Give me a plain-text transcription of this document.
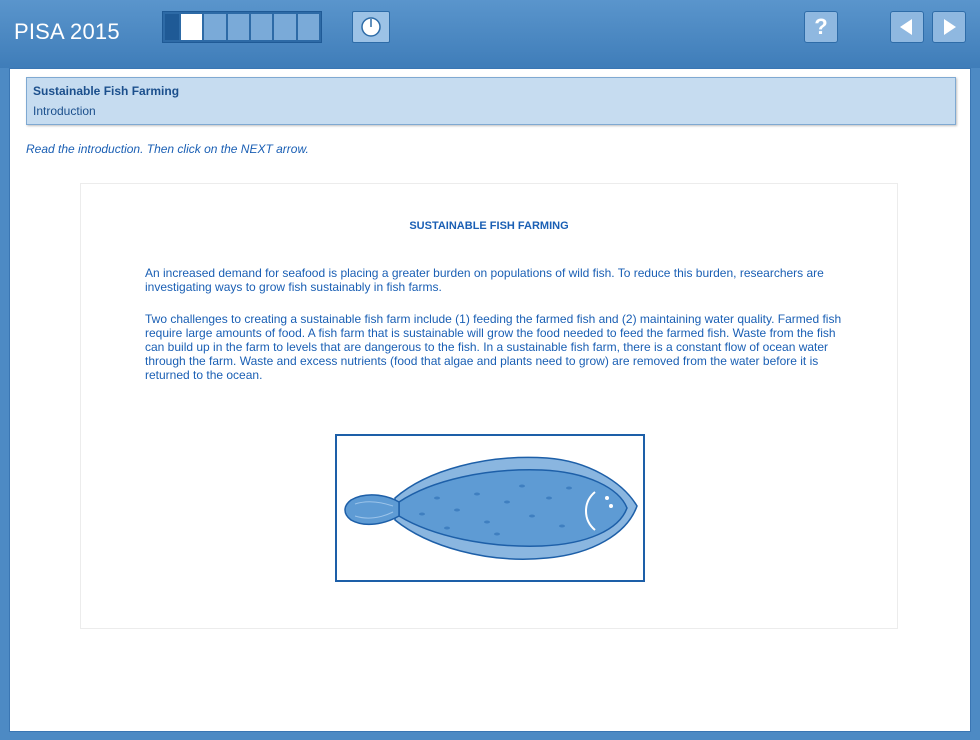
PISA 2015	?
Sustainable Fish Farming
Introduction
Read the introduction. Then click on the NEXT arrow.
SUSTAINABLE FISH FARMING
An increased demand for seafood is placing a greater burden on populations of wild fish. To reduce this burden, researchers are investigating ways to grow fish sustainably in fish farms.
Two challenges to creating a sustainable fish farm include (1) feeding the farmed fish and (2) maintaining water quality. Farmed fish require large amounts of food. A fish farm that is sustainable will grow the food needed to feed the farmed fish. Waste from the fish can build up in the farm to levels that are dangerous to the fish. In a sustainable fish farm, there is a constant flow of ocean water through the farm. Waste and excess nutrients (food that algae and plants need to grow) are removed from the water before it is returned to the ocean.
